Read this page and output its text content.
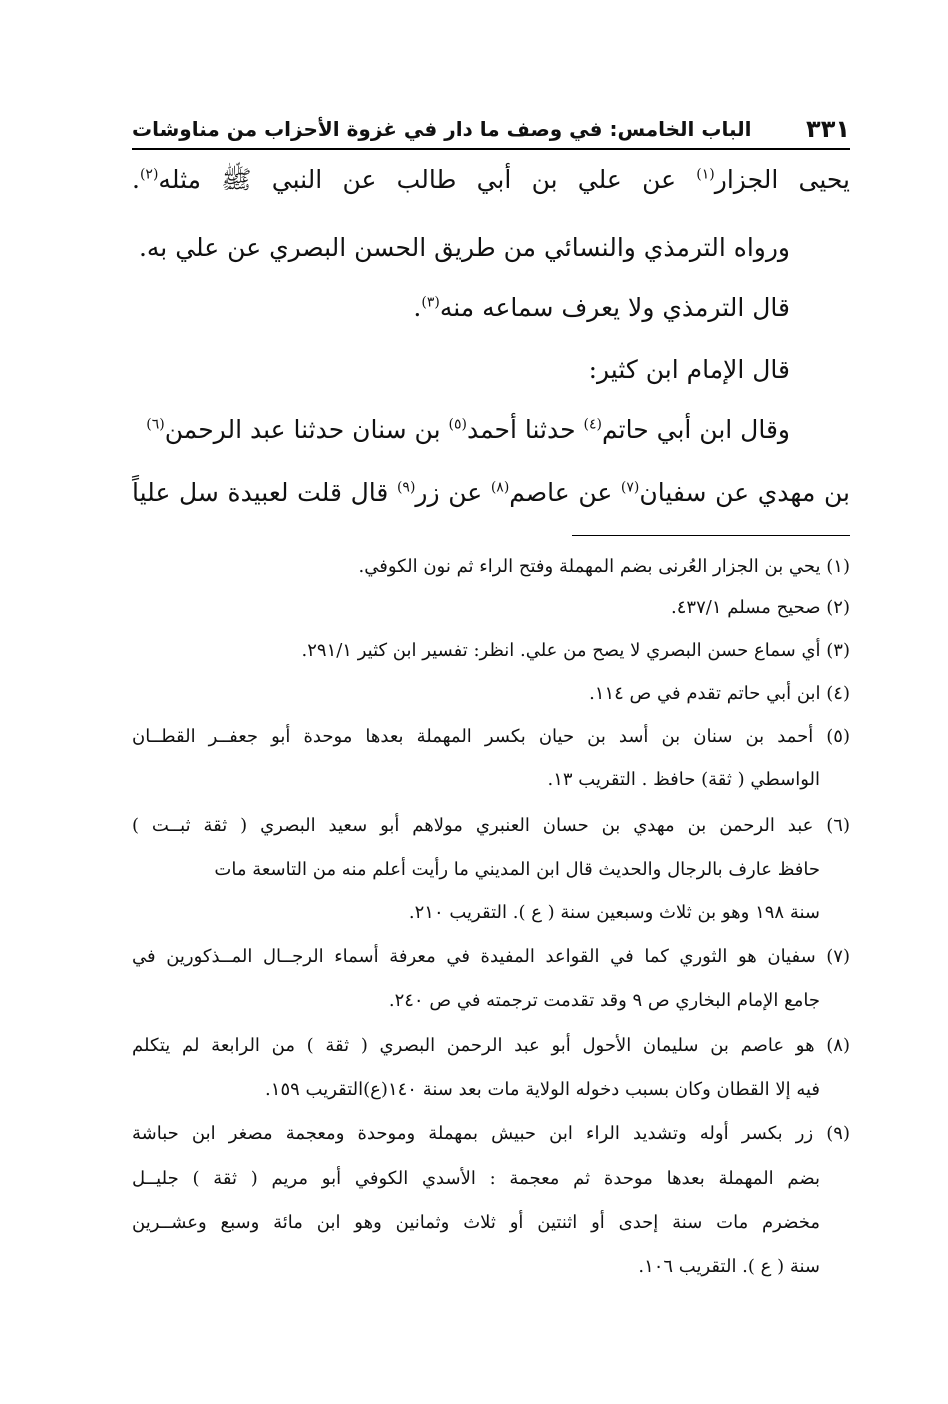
الباب الخامس: في وصف ما دار في غزوة الأحزاب من مناوشات ٣٣١
يحيى الجزار$^{(١)}$ عن علي بن أبي طالب عن النبي ﷺ مثله$^{(٢)}$.
ورواه الترمذي والنسائي من طريق الحسن البصري عن علي به.
قال الترمذي ولا يعرف سماعه منه$^{(٣)}$.
قال الإمام ابن كثير:
وقال ابن أبي حاتم$^{(٤)}$ حدثنا أحمد$^{(٥)}$ بن سنان حدثنا عبد الرحمن$^{(٦)}$
بن مهدي عن سفيان$^{(٧)}$ عن عاصم$^{(٨)}$ عن زر$^{(٩)}$ قال قلت لعبيدة سل علياً
(١) يحي بن الجزار العُرنى بضم المهملة وفتح الراء ثم نون الكوفي.
(٢) صحيح مسلم ٤٣٧/١.
(٣) أي سماع حسن البصري لا يصح من علي. انظر: تفسير ابن كثير ٢٩١/١.
(٤) ابن أبي حاتم تقدم في ص ١١٤.
(٥) أحمد بن سنان بن أسد بن حيان بكسر المهملة بعدها موحدة أبو جعفــر القطــان
الواسطي ( ثقة) حافظ . التقريب ١٣.
(٦) عبد الرحمن بن مهدي بن حسان العنبري مولاهم أبو سعيد البصري ( ثقة ثبــت )
حافظ عارف بالرجال والحديث قال ابن المديني ما رأيت أعلم منه من التاسعة مات
سنة ١٩٨ وهو بن ثلاث وسبعين سنة ( ع ). التقريب ٢١٠.
(٧) سفيان هو الثوري كما في القواعد المفيدة في معرفة أسماء الرجــال المــذكورين في
جامع الإمام البخاري ص ٩ وقد تقدمت ترجمته في ص ٢٤٠.
(٨) هو عاصم بن سليمان الأحول أبو عبد الرحمن البصري ( ثقة ) من الرابعة لم يتكلم
فيه إلا القطان وكان بسبب دخوله الولاية مات بعد سنة ١٤٠(ع)التقريب ١٥٩.
(٩) زر بكسر أوله وتشديد الراء ابن حبيش بمهملة وموحدة ومعجمة مصغر ابن حباشة
بضم المهملة بعدها موحدة ثم معجمة : الأسدي الكوفي أبو مريم ( ثقة ) جليــل
مخضرم مات سنة إحدى أو اثنتين أو ثلاث وثمانين وهو ابن مائة وسبع وعشــرين
سنة ( ع ). التقريب ١٠٦.
